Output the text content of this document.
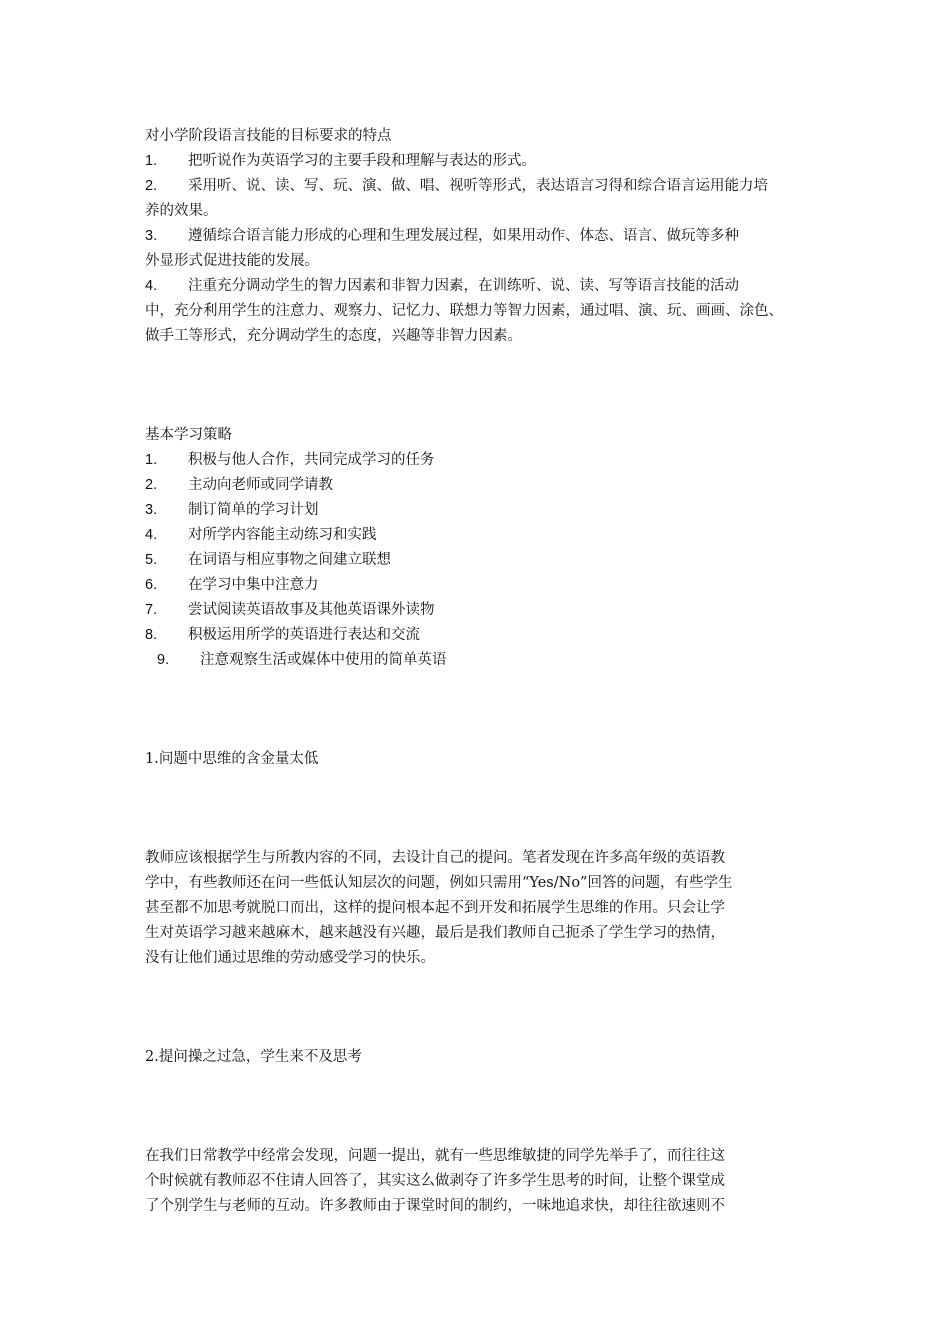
对小学阶段语言技能的目标要求的特点

1.	把听说作为英语学习的主要手段和理解与表达的形式。
2.	采用听、说、读、写、玩、演、做、唱、视听等形式，表达语言习得和综合语言运用能力培

养的效果。

3.	遵循综合语言能力形成的心理和生理发展过程，如果用动作、体态、语言、做玩等多种

外显形式促进技能的发展。

4.	注重充分调动学生的智力因素和非智力因素，在训练听、说、读、写等语言技能的活动

中，充分利用学生的注意力、观察力、记忆力、联想力等智力因素，通过唱、演、玩、画画、涂色、

做手工等形式，充分调动学生的态度，兴趣等非智力因素。

基本学习策略

1.	积极与他人合作，共同完成学习的任务
2.	主动向老师或同学请教
3.	制订简单的学习计划
4.	对所学内容能主动练习和实践
5.	在词语与相应事物之间建立联想
6.	在学习中集中注意力
7.	尝试阅读英语故事及其他英语课外读物
8.	积极运用所学的英语进行表达和交流
9.	注意观察生活或媒体中使用的简单英语

1.问题中思维的含金量太低

教师应该根据学生与所教内容的不同，去设计自己的提问。笔者发现在许多高年级的英语教

学中，有些教师还在问一些低认知层次的问题，例如只需用“Yes/No”回答的问题，有些学生

甚至都不加思考就脱口而出，这样的提问根本起不到开发和拓展学生思维的作用。只会让学

生对英语学习越来越麻木，越来越没有兴趣，最后是我们教师自己扼杀了学生学习的热情，

没有让他们通过思维的劳动感受学习的快乐。

2.提问操之过急，学生来不及思考

在我们日常教学中经常会发现，问题一提出，就有一些思维敏捷的同学先举手了，而往往这

个时候就有教师忍不住请人回答了，其实这么做剥夺了许多学生思考的时间，让整个课堂成

了个别学生与老师的互动。许多教师由于课堂时间的制约，一味地追求快，却往往欲速则不
